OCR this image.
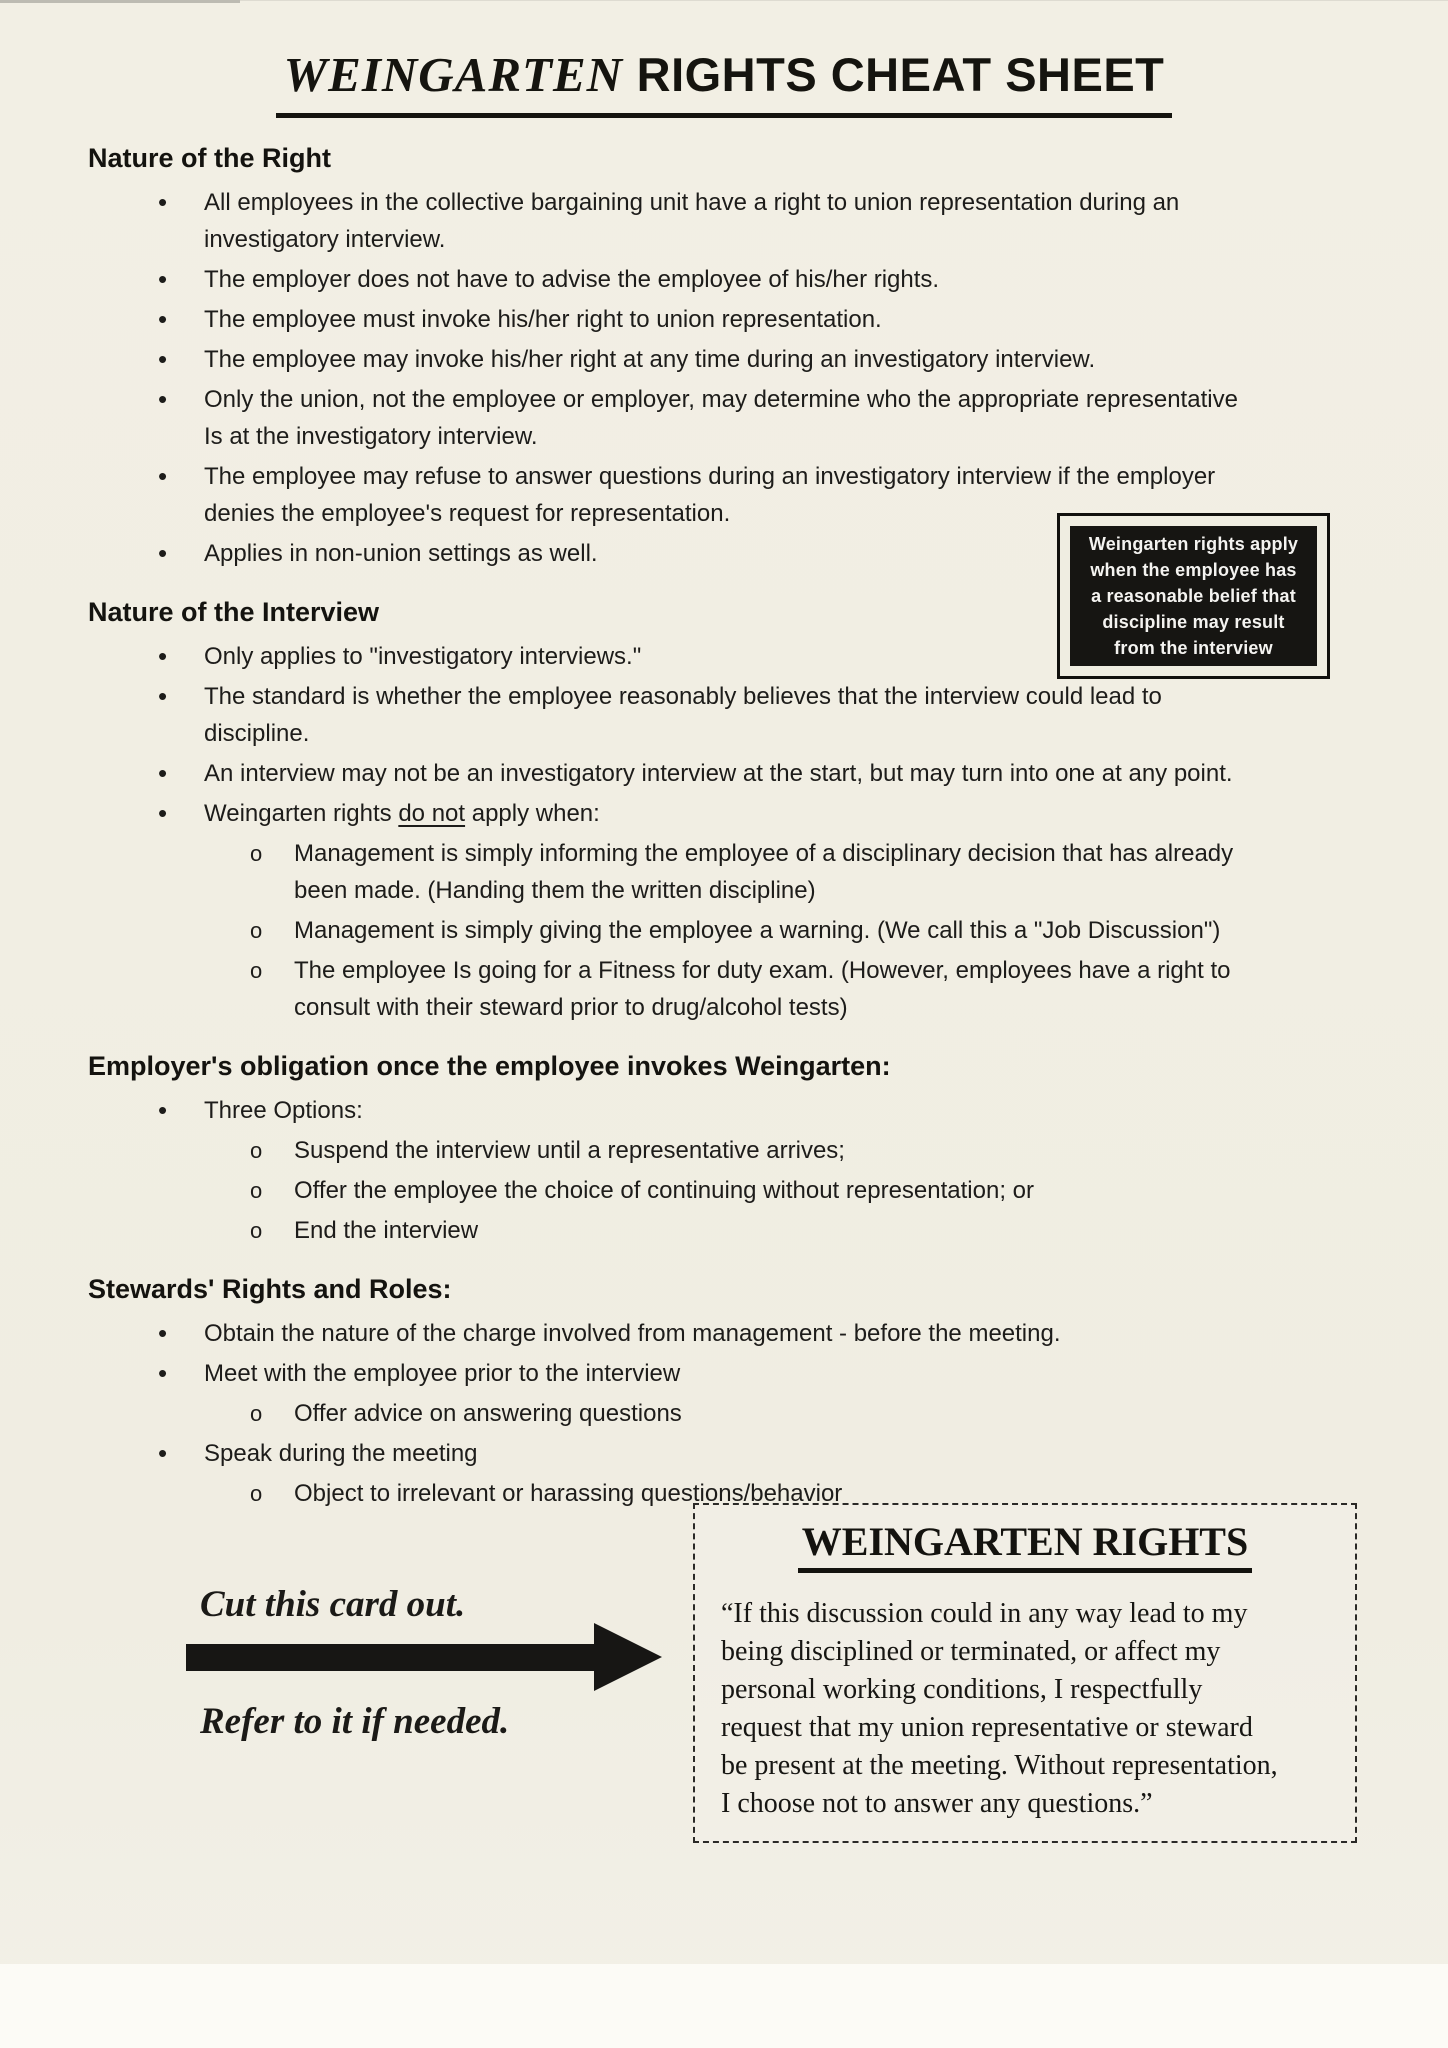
WEINGARTEN RIGHTS CHEAT SHEET
Nature of the Right
•	All employees in the collective bargaining unit have a right to union representation during an
investigatory interview.
•	The employer does not have to advise the employee of his/her rights.
•	The employee must invoke his/her right to union representation.
•	The employee may invoke his/her right at any time during an investigatory interview.
•	Only the union, not the employee or employer, may determine who the appropriate representative
Is at the investigatory interview.
•	The employee may refuse to answer questions during an investigatory interview if the employer
denies the employee's request for representation.
•	Applies in non-union settings as well.
Nature of the Interview
•	Only applies to "investigatory interviews."
•	The standard is whether the employee reasonably believes that the interview could lead to
discipline.
•	An interview may not be an investigatory interview at the start, but may turn into one at any point.
•	Weingarten rights do not apply when:
o	Management is simply informing the employee of a disciplinary decision that has already
been made. (Handing them the written discipline)
o	Management is simply giving the employee a warning. (We call this a "Job Discussion")
o	The employee Is going for a Fitness for duty exam. (However, employees have a right to
consult with their steward prior to drug/alcohol tests)
Employer's obligation once the employee invokes Weingarten:
•	Three Options:
o	Suspend the interview until a representative arrives;
o	Offer the employee the choice of continuing without representation; or
o	End the interview
Stewards' Rights and Roles:
•	Obtain the nature of the charge involved from management - before the meeting.
•	Meet with the employee prior to the interview
o	Offer advice on answering questions
•	Speak during the meeting
o	Object to irrelevant or harassing questions/behavior
Weingarten rights apply
when the employee has
a reasonable belief that
discipline may result
from the interview
Cut this card out.
Refer to it if needed.
WEINGARTEN RIGHTS
“If this discussion could in any way lead to my
being disciplined or terminated, or affect my
personal working conditions, I respectfully
request that my union representative or steward
be present at the meeting. Without representation,
I choose not to answer any questions.”
